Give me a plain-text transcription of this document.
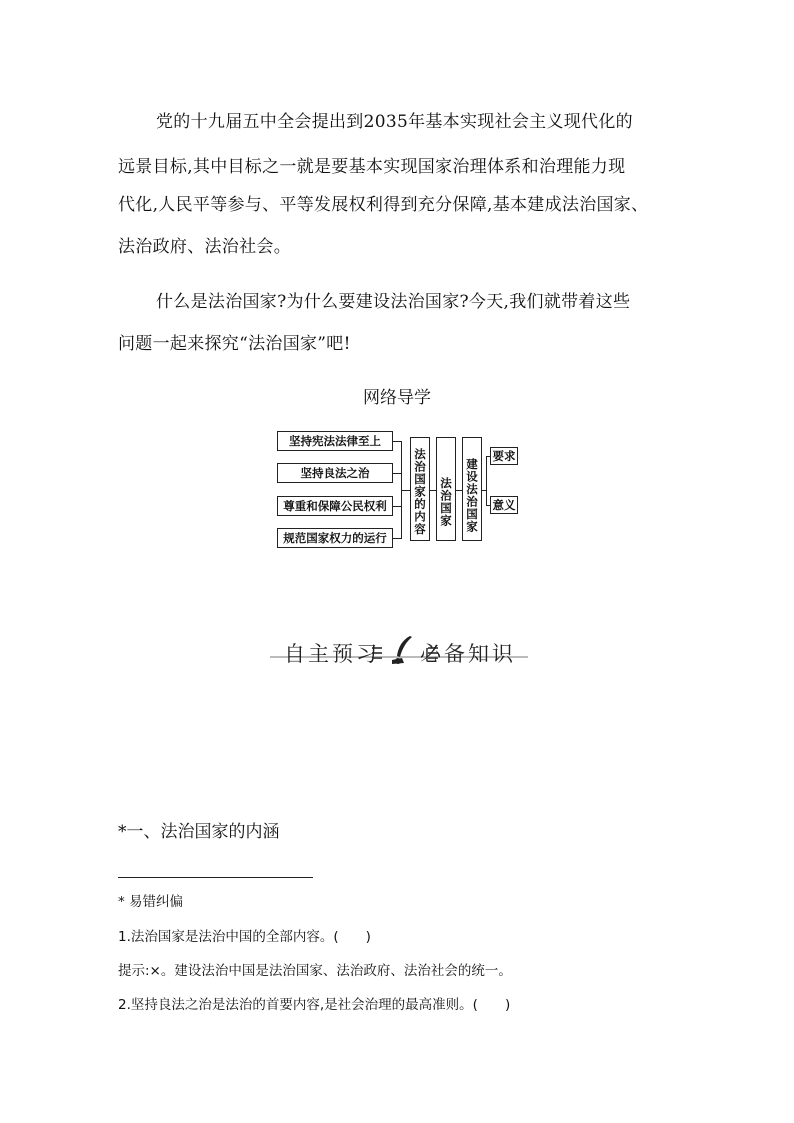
党的十九届五中全会提出到2035年基本实现社会主义现代化的
远景目标,其中目标之一就是要基本实现国家治理体系和治理能力现
代化,人民平等参与、平等发展权利得到充分保障,基本建成法治国家、
法治政府、法治社会。
什么是法治国家?为什么要建设法治国家?今天,我们就带着这些
问题一起来探究“法治国家”吧!
网络导学
坚持宪法法律至上
坚持良法之治
尊重和保障公民权利
规范国家权力的运行
法治国家的内容 法治国家 建设法治国家
要求
意义
自主预习 必备知识
*一、法治国家的内涵
* 易错纠偏
1.法治国家是法治中国的全部内容。(　　)
提示:×。建设法治中国是法治国家、法治政府、法治社会的统一。
2.坚持良法之治是法治的首要内容,是社会治理的最高准则。(　　)
